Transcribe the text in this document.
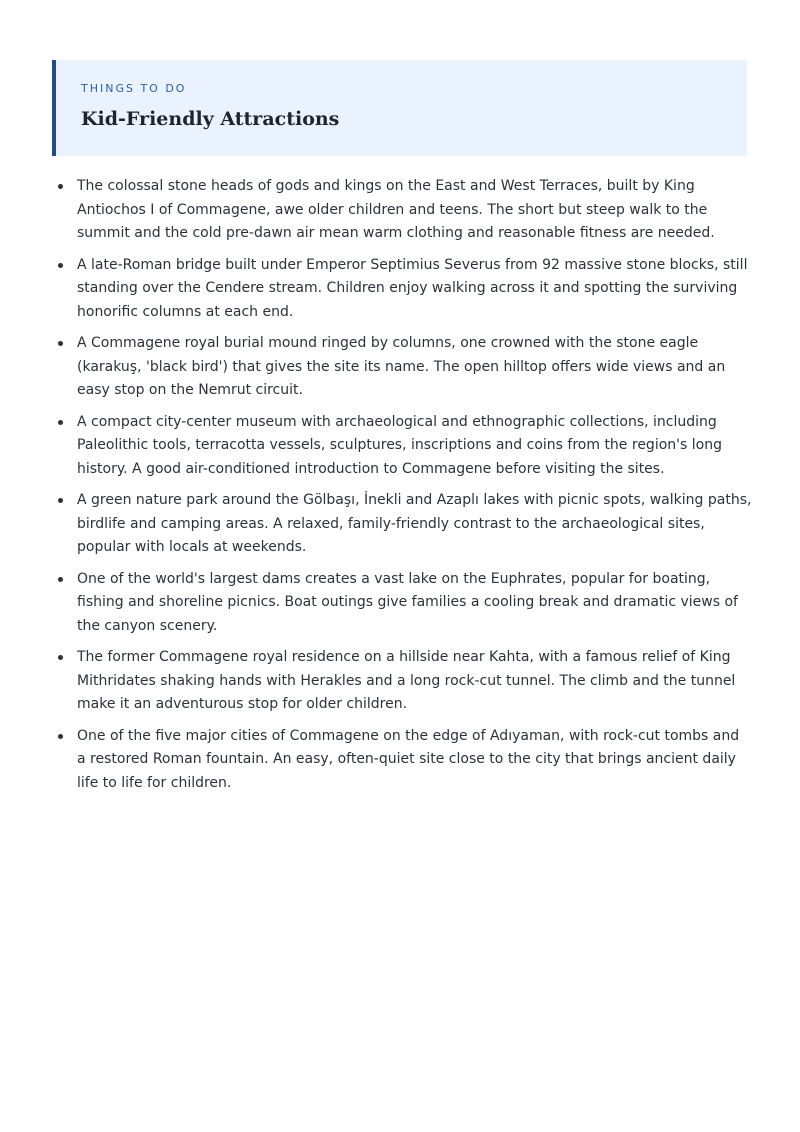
THINGS TO DO
Kid-Friendly Attractions
The colossal stone heads of gods and kings on the East and West Terraces, built by King Antiochos I of Commagene, awe older children and teens. The short but steep walk to the summit and the cold pre-dawn air mean warm clothing and reasonable fitness are needed.
A late-Roman bridge built under Emperor Septimius Severus from 92 massive stone blocks, still standing over the Cendere stream. Children enjoy walking across it and spotting the surviving honorific columns at each end.
A Commagene royal burial mound ringed by columns, one crowned with the stone eagle (karakuş, 'black bird') that gives the site its name. The open hilltop offers wide views and an easy stop on the Nemrut circuit.
A compact city-center museum with archaeological and ethnographic collections, including Paleolithic tools, terracotta vessels, sculptures, inscriptions and coins from the region's long history. A good air-conditioned introduction to Commagene before visiting the sites.
A green nature park around the Gölbaşı, İnekli and Azaplı lakes with picnic spots, walking paths, birdlife and camping areas. A relaxed, family-friendly contrast to the archaeological sites, popular with locals at weekends.
One of the world's largest dams creates a vast lake on the Euphrates, popular for boating, fishing and shoreline picnics. Boat outings give families a cooling break and dramatic views of the canyon scenery.
The former Commagene royal residence on a hillside near Kahta, with a famous relief of King Mithridates shaking hands with Herakles and a long rock-cut tunnel. The climb and the tunnel make it an adventurous stop for older children.
One of the five major cities of Commagene on the edge of Adıyaman, with rock-cut tombs and a restored Roman fountain. An easy, often-quiet site close to the city that brings ancient daily life to life for children.
